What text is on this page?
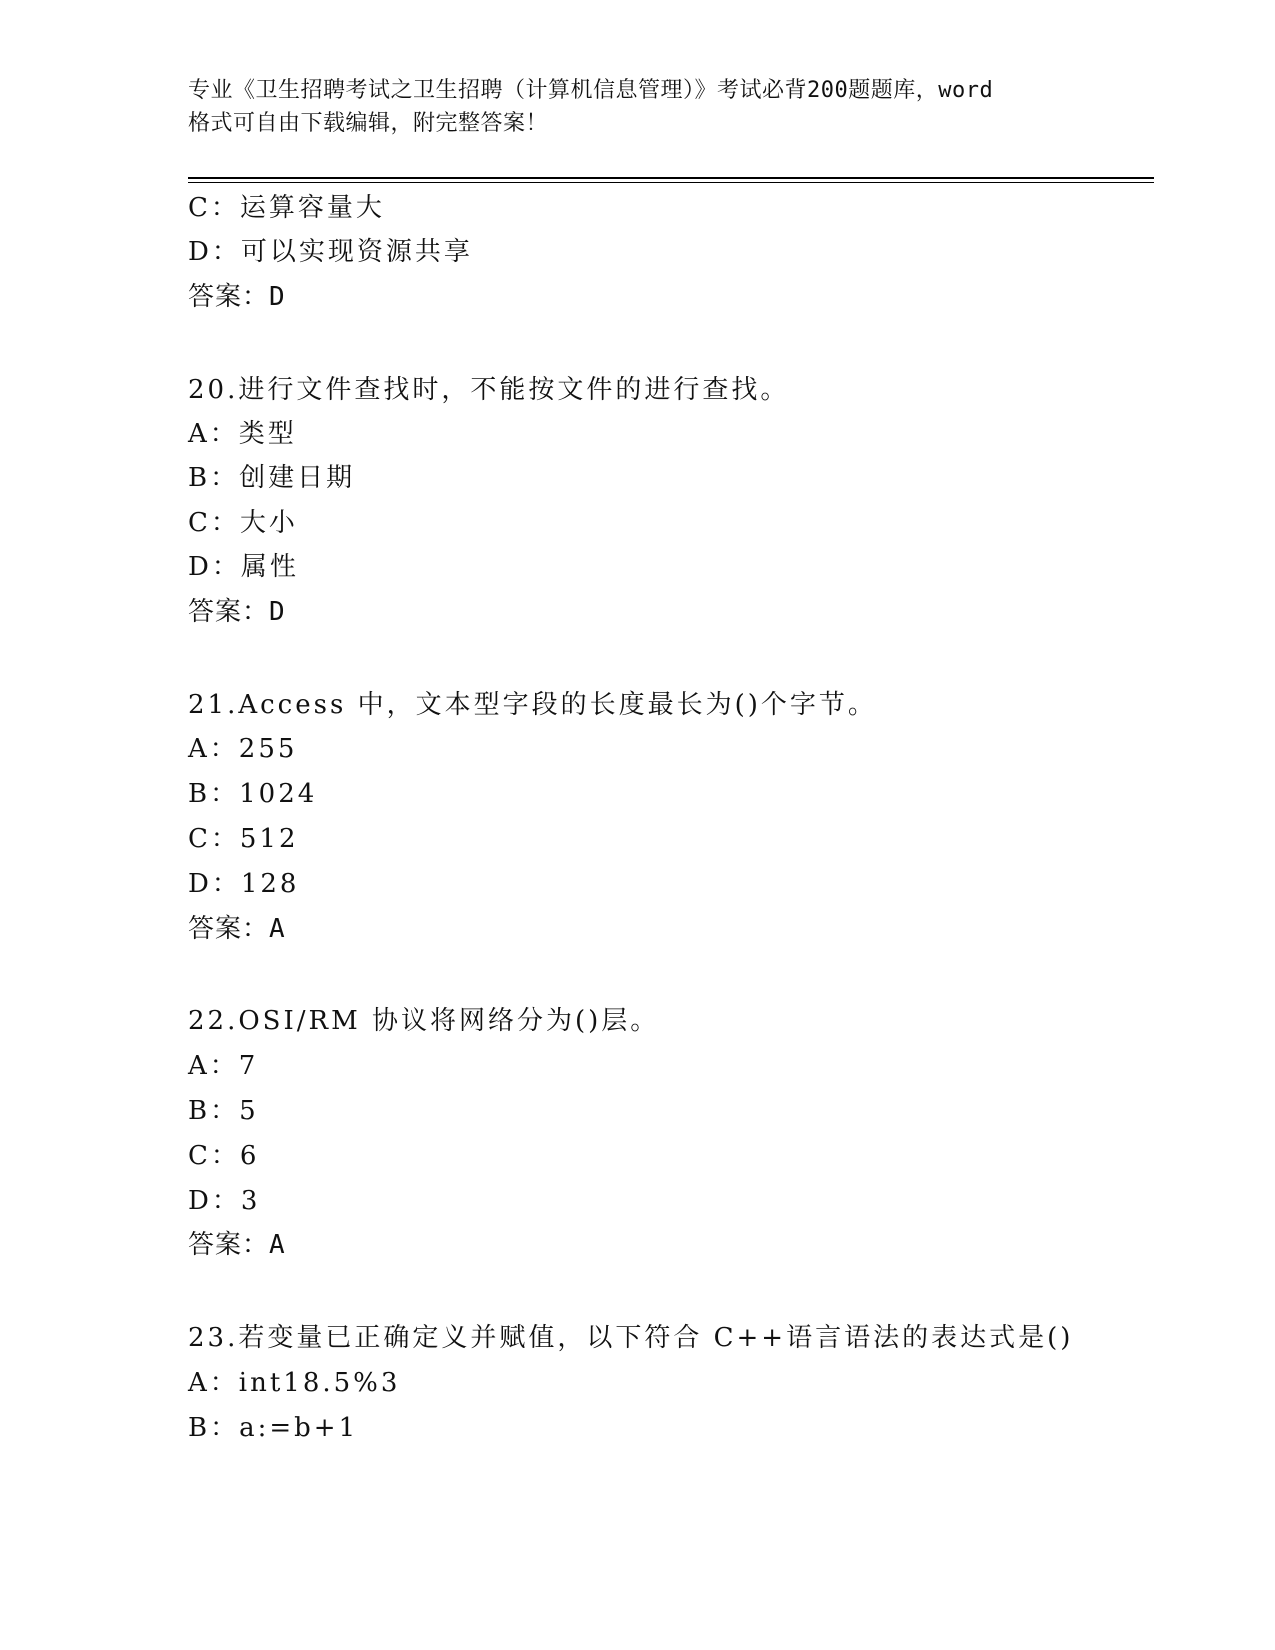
专业《卫生招聘考试之卫生招聘（计算机信息管理）》考试必背200题题库，word
格式可自由下载编辑，附完整答案！
C：运算容量大
D：可以实现资源共享
答案：D
20.进行文件查找时，不能按文件的进行查找。
A：类型
B：创建日期
C：大小
D：属性
答案：D
21.Access 中，文本型字段的长度最长为()个字节。
A：255
B：1024
C：512
D：128
答案：A
22.OSI/RM 协议将网络分为()层。
A：7
B：5
C：6
D：3
答案：A
23.若变量已正确定义并赋值，以下符合 C++语言语法的表达式是()
A：int18.5%3
B：a:=b+1
